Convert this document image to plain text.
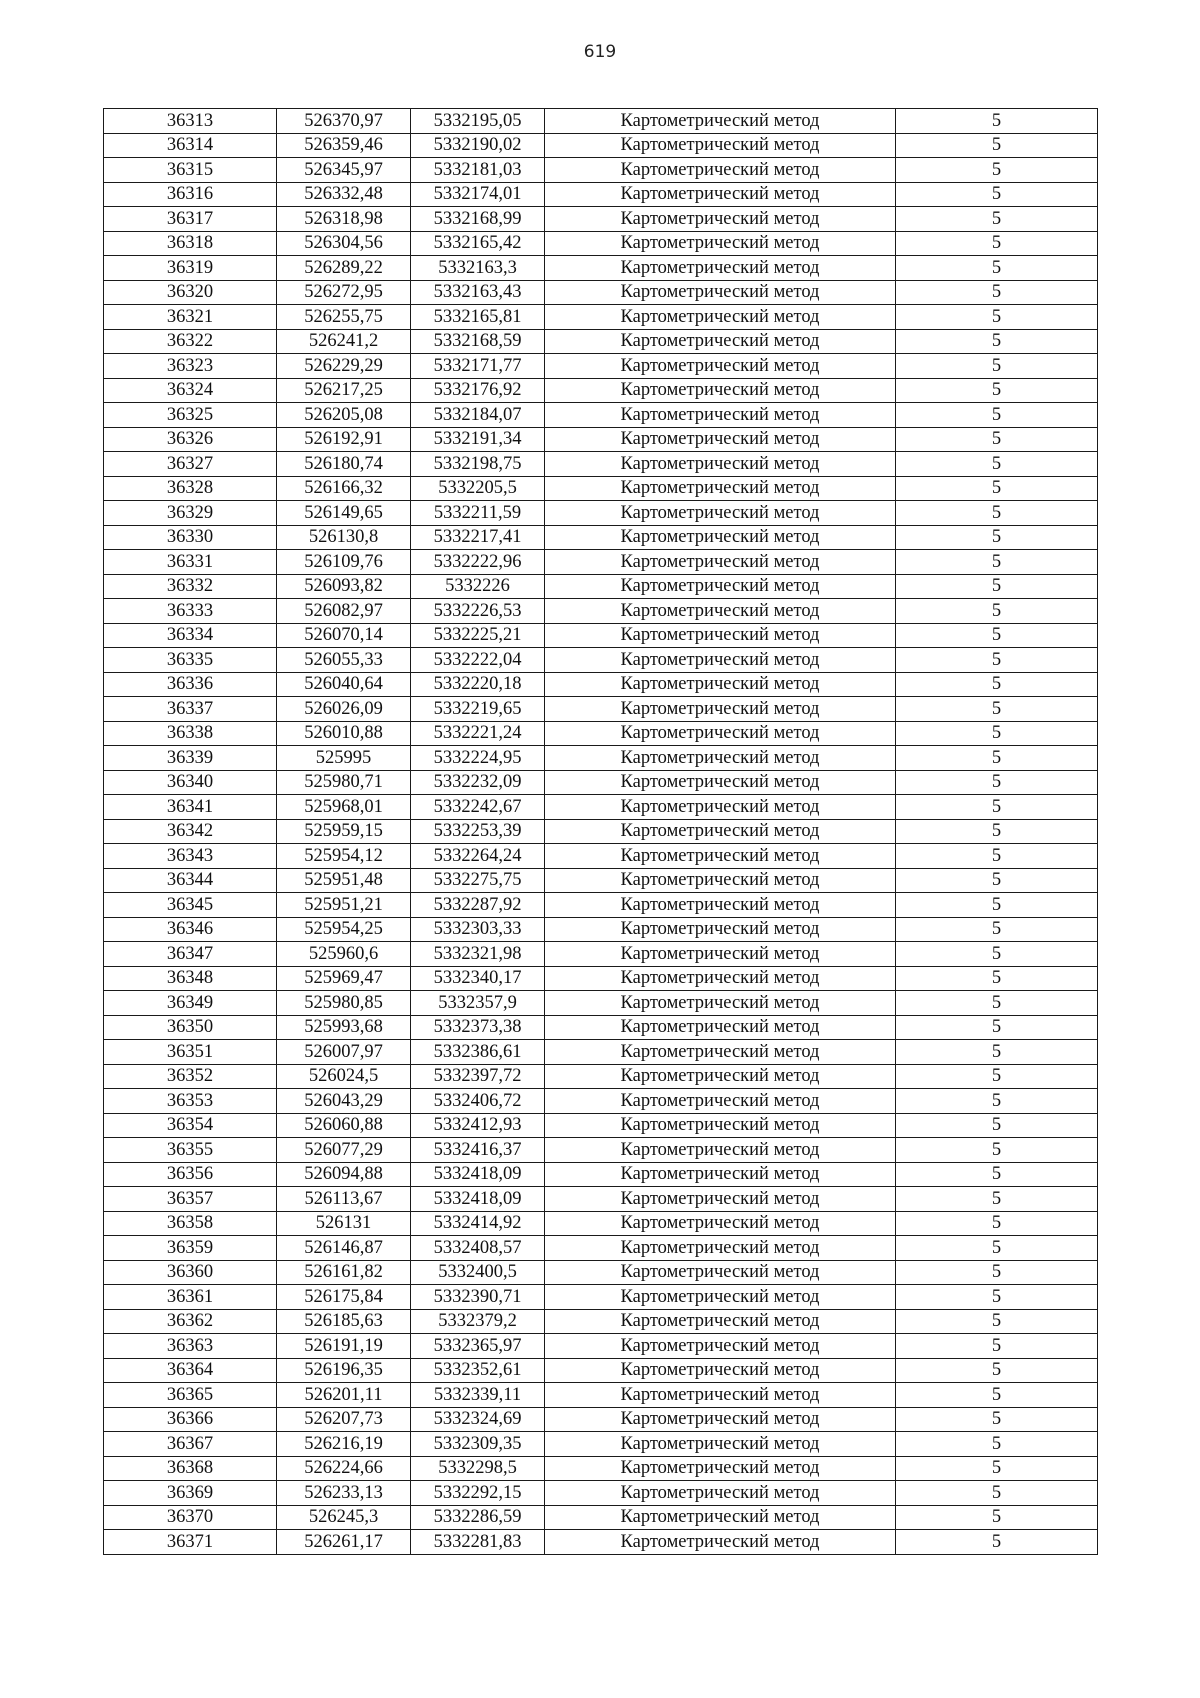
619
36313	526370,97	5332195,05	Картометрический метод	5
36314	526359,46	5332190,02	Картометрический метод	5
36315	526345,97	5332181,03	Картометрический метод	5
36316	526332,48	5332174,01	Картометрический метод	5
36317	526318,98	5332168,99	Картометрический метод	5
36318	526304,56	5332165,42	Картометрический метод	5
36319	526289,22	5332163,3	Картометрический метод	5
36320	526272,95	5332163,43	Картометрический метод	5
36321	526255,75	5332165,81	Картометрический метод	5
36322	526241,2	5332168,59	Картометрический метод	5
36323	526229,29	5332171,77	Картометрический метод	5
36324	526217,25	5332176,92	Картометрический метод	5
36325	526205,08	5332184,07	Картометрический метод	5
36326	526192,91	5332191,34	Картометрический метод	5
36327	526180,74	5332198,75	Картометрический метод	5
36328	526166,32	5332205,5	Картометрический метод	5
36329	526149,65	5332211,59	Картометрический метод	5
36330	526130,8	5332217,41	Картометрический метод	5
36331	526109,76	5332222,96	Картометрический метод	5
36332	526093,82	5332226	Картометрический метод	5
36333	526082,97	5332226,53	Картометрический метод	5
36334	526070,14	5332225,21	Картометрический метод	5
36335	526055,33	5332222,04	Картометрический метод	5
36336	526040,64	5332220,18	Картометрический метод	5
36337	526026,09	5332219,65	Картометрический метод	5
36338	526010,88	5332221,24	Картометрический метод	5
36339	525995	5332224,95	Картометрический метод	5
36340	525980,71	5332232,09	Картометрический метод	5
36341	525968,01	5332242,67	Картометрический метод	5
36342	525959,15	5332253,39	Картометрический метод	5
36343	525954,12	5332264,24	Картометрический метод	5
36344	525951,48	5332275,75	Картометрический метод	5
36345	525951,21	5332287,92	Картометрический метод	5
36346	525954,25	5332303,33	Картометрический метод	5
36347	525960,6	5332321,98	Картометрический метод	5
36348	525969,47	5332340,17	Картометрический метод	5
36349	525980,85	5332357,9	Картометрический метод	5
36350	525993,68	5332373,38	Картометрический метод	5
36351	526007,97	5332386,61	Картометрический метод	5
36352	526024,5	5332397,72	Картометрический метод	5
36353	526043,29	5332406,72	Картометрический метод	5
36354	526060,88	5332412,93	Картометрический метод	5
36355	526077,29	5332416,37	Картометрический метод	5
36356	526094,88	5332418,09	Картометрический метод	5
36357	526113,67	5332418,09	Картометрический метод	5
36358	526131	5332414,92	Картометрический метод	5
36359	526146,87	5332408,57	Картометрический метод	5
36360	526161,82	5332400,5	Картометрический метод	5
36361	526175,84	5332390,71	Картометрический метод	5
36362	526185,63	5332379,2	Картометрический метод	5
36363	526191,19	5332365,97	Картометрический метод	5
36364	526196,35	5332352,61	Картометрический метод	5
36365	526201,11	5332339,11	Картометрический метод	5
36366	526207,73	5332324,69	Картометрический метод	5
36367	526216,19	5332309,35	Картометрический метод	5
36368	526224,66	5332298,5	Картометрический метод	5
36369	526233,13	5332292,15	Картометрический метод	5
36370	526245,3	5332286,59	Картометрический метод	5
36371	526261,17	5332281,83	Картометрический метод	5
